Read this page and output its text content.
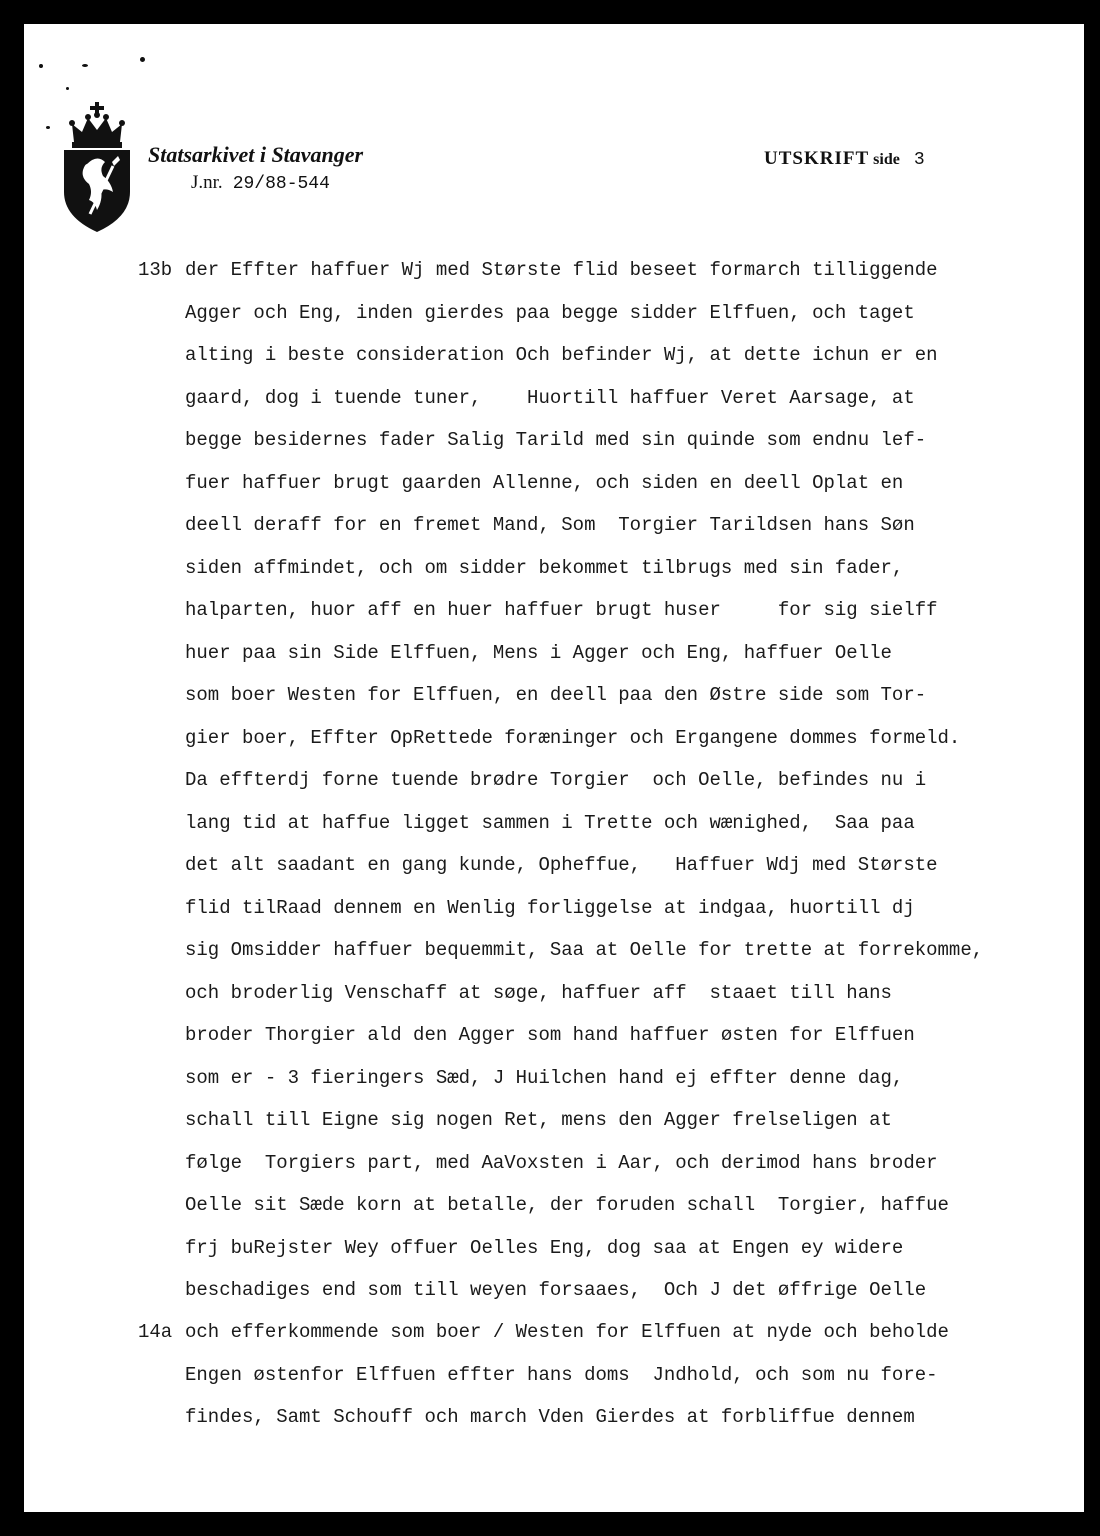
Statsarkivet i Stavanger
J.nr. 29/88-544
UTSKRIFT side 3
13b
14a
der Effter haffuer Wj med Største flid beseet formarch tilliggende
Agger och Eng, inden gierdes paa begge sidder Elffuen, och taget
alting i beste consideration Och befinder Wj, at dette ichun er en
gaard, dog i tuende tuner,    Huortill haffuer Veret Aarsage, at
begge besidernes fader Salig Tarild med sin quinde som endnu lef-
fuer haffuer brugt gaarden Allenne, och siden en deell Oplat en
deell deraff for en fremet Mand, Som  Torgier Tarildsen hans Søn
siden affmindet, och om sidder bekommet tilbrugs med sin fader,
halparten, huor aff en huer haffuer brugt huser     for sig sielff
huer paa sin Side Elffuen, Mens i Agger och Eng, haffuer Oelle
som boer Westen for Elffuen, en deell paa den Østre side som Tor-
gier boer, Effter OpRettede foræninger och Ergangene dommes formeld.
Da effterdj forne tuende brødre Torgier  och Oelle, befindes nu i
lang tid at haffue ligget sammen i Trette och wænighed,  Saa paa
det alt saadant en gang kunde, Opheffue,   Haffuer Wdj med Største
flid tilRaad dennem en Wenlig forliggelse at indgaa, huortill dj
sig Omsidder haffuer bequemmit, Saa at Oelle for trette at forrekomme,
och broderlig Venschaff at søge, haffuer aff  staaet till hans
broder Thorgier ald den Agger som hand haffuer østen for Elffuen
som er - 3 fieringers Sæd, J Huilchen hand ej effter denne dag,
schall till Eigne sig nogen Ret, mens den Agger frelseligen at
følge  Torgiers part, med AaVoxsten i Aar, och derimod hans broder
Oelle sit Sæde korn at betalle, der foruden schall  Torgier, haffue
frj buRejster Wey offuer Oelles Eng, dog saa at Engen ey widere
beschadiges end som till weyen forsaaes,  Och J det øffrige Oelle
och efferkommende som boer / Westen for Elffuen at nyde och beholde
Engen østenfor Elffuen effter hans doms  Jndhold, och som nu fore-
findes, Samt Schouff och march Vden Gierdes at forbliffue dennem
